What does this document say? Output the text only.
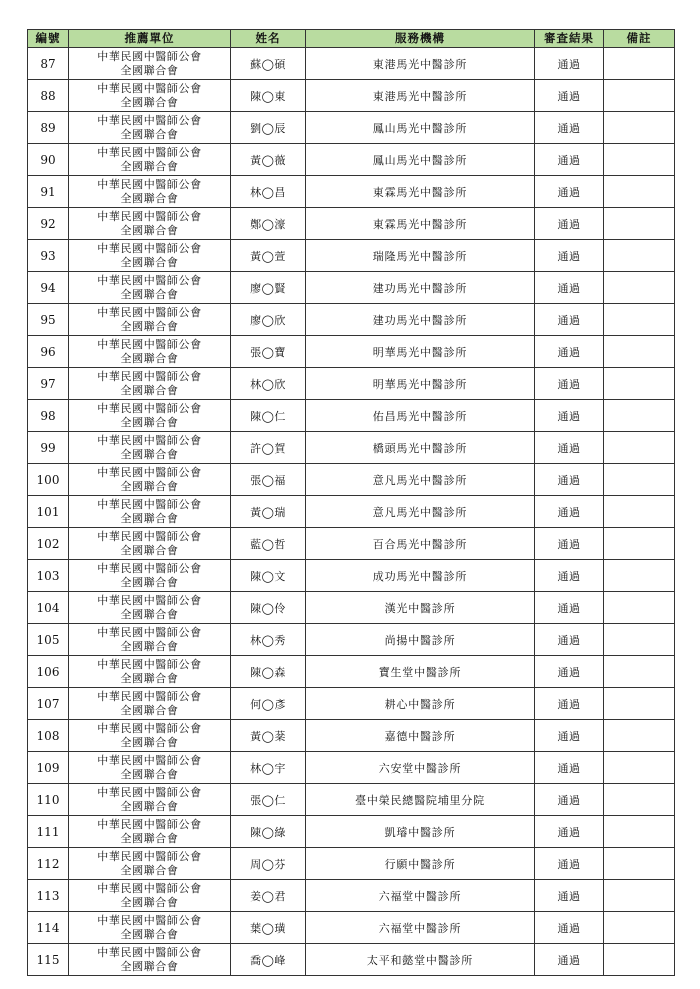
編號	推薦單位	姓名	服務機構	審查結果	備註
87	中華民國中醫師公會
全國聯合會	蘇◯碩	東港馬光中醫診所	通過	
88	中華民國中醫師公會
全國聯合會	陳◯東	東港馬光中醫診所	通過	
89	中華民國中醫師公會
全國聯合會	劉◯辰	鳳山馬光中醫診所	通過	
90	中華民國中醫師公會
全國聯合會	黃◯薇	鳳山馬光中醫診所	通過	
91	中華民國中醫師公會
全國聯合會	林◯昌	東霖馬光中醫診所	通過	
92	中華民國中醫師公會
全國聯合會	鄭◯濠	東霖馬光中醫診所	通過	
93	中華民國中醫師公會
全國聯合會	黃◯萱	瑞隆馬光中醫診所	通過	
94	中華民國中醫師公會
全國聯合會	廖◯賢	建功馬光中醫診所	通過	
95	中華民國中醫師公會
全國聯合會	廖◯欣	建功馬光中醫診所	通過	
96	中華民國中醫師公會
全國聯合會	張◯寶	明華馬光中醫診所	通過	
97	中華民國中醫師公會
全國聯合會	林◯欣	明華馬光中醫診所	通過	
98	中華民國中醫師公會
全國聯合會	陳◯仁	佑昌馬光中醫診所	通過	
99	中華民國中醫師公會
全國聯合會	許◯賀	橋頭馬光中醫診所	通過	
100	中華民國中醫師公會
全國聯合會	張◯福	意凡馬光中醫診所	通過	
101	中華民國中醫師公會
全國聯合會	黃◯瑞	意凡馬光中醫診所	通過	
102	中華民國中醫師公會
全國聯合會	藍◯哲	百合馬光中醫診所	通過	
103	中華民國中醫師公會
全國聯合會	陳◯文	成功馬光中醫診所	通過	
104	中華民國中醫師公會
全國聯合會	陳◯伶	漢光中醫診所	通過	
105	中華民國中醫師公會
全國聯合會	林◯秀	尚揚中醫診所	通過	
106	中華民國中醫師公會
全國聯合會	陳◯森	寶生堂中醫診所	通過	
107	中華民國中醫師公會
全國聯合會	何◯彥	耕心中醫診所	通過	
108	中華民國中醫師公會
全國聯合會	黃◯棻	嘉德中醫診所	通過	
109	中華民國中醫師公會
全國聯合會	林◯宇	六安堂中醫診所	通過	
110	中華民國中醫師公會
全國聯合會	張◯仁	臺中榮民總醫院埔里分院	通過	
111	中華民國中醫師公會
全國聯合會	陳◯綠	凱璿中醫診所	通過	
112	中華民國中醫師公會
全國聯合會	周◯芬	行願中醫診所	通過	
113	中華民國中醫師公會
全國聯合會	姜◯君	六福堂中醫診所	通過	
114	中華民國中醫師公會
全國聯合會	葉◯璜	六福堂中醫診所	通過	
115	中華民國中醫師公會
全國聯合會	喬◯峰	太平和懿堂中醫診所	通過	
